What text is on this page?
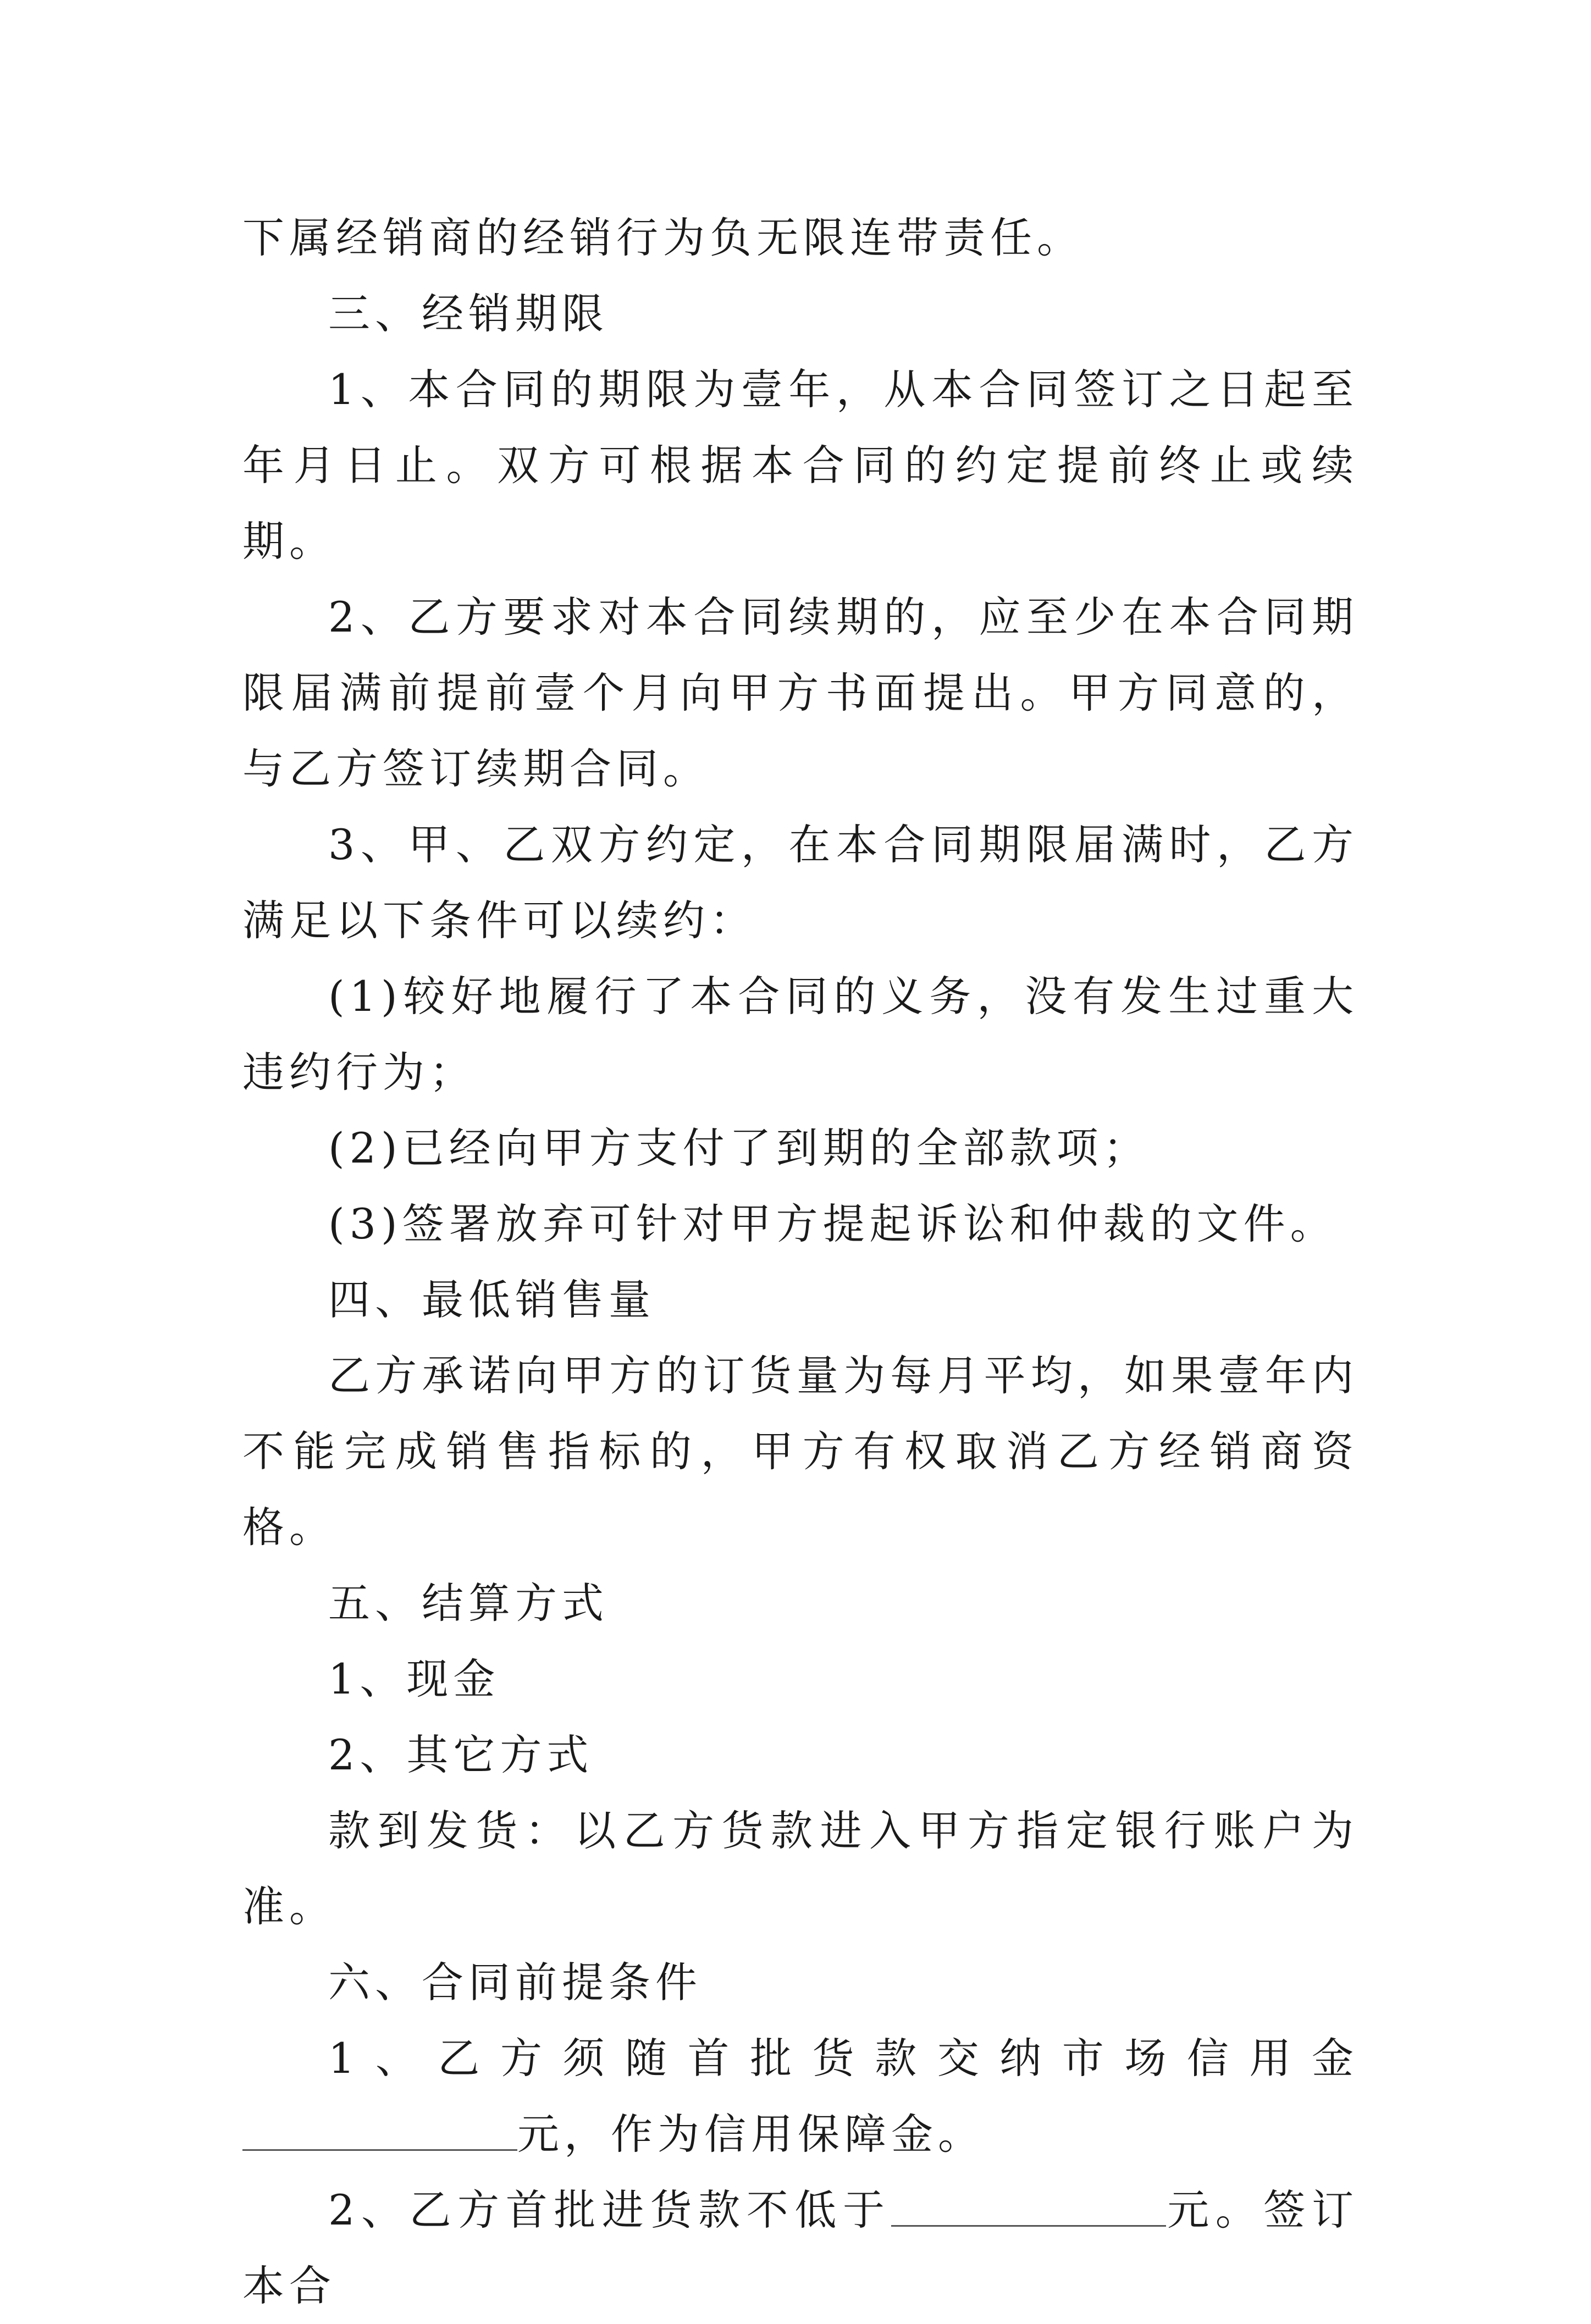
下属经销商的经销行为负无限连带责任。

三、经销期限

1、本合同的期限为壹年，从本合同签订之日起至年月日止。双方可根据本合同的约定提前终止或续期。

2、乙方要求对本合同续期的，应至少在本合同期限届满前提前壹个月向甲方书面提出。甲方同意的，与乙方签订续期合同。

3、甲、乙双方约定，在本合同期限届满时，乙方满足以下条件可以续约：

(1)较好地履行了本合同的义务，没有发生过重大违约行为；

(2)已经向甲方支付了到期的全部款项；

(3)签署放弃可针对甲方提起诉讼和仲裁的文件。

四、最低销售量

乙方承诺向甲方的订货量为每月平均，如果壹年内不能完成销售指标的，甲方有权取消乙方经销商资格。

五、结算方式

1、现金

2、其它方式

款到发货：以乙方货款进入甲方指定银行账户为准。

六、合同前提条件

1、乙方须随首批货款交纳市场信用金元，作为信用保障金。

2、乙方首批进货款不低于	元。签订本合
